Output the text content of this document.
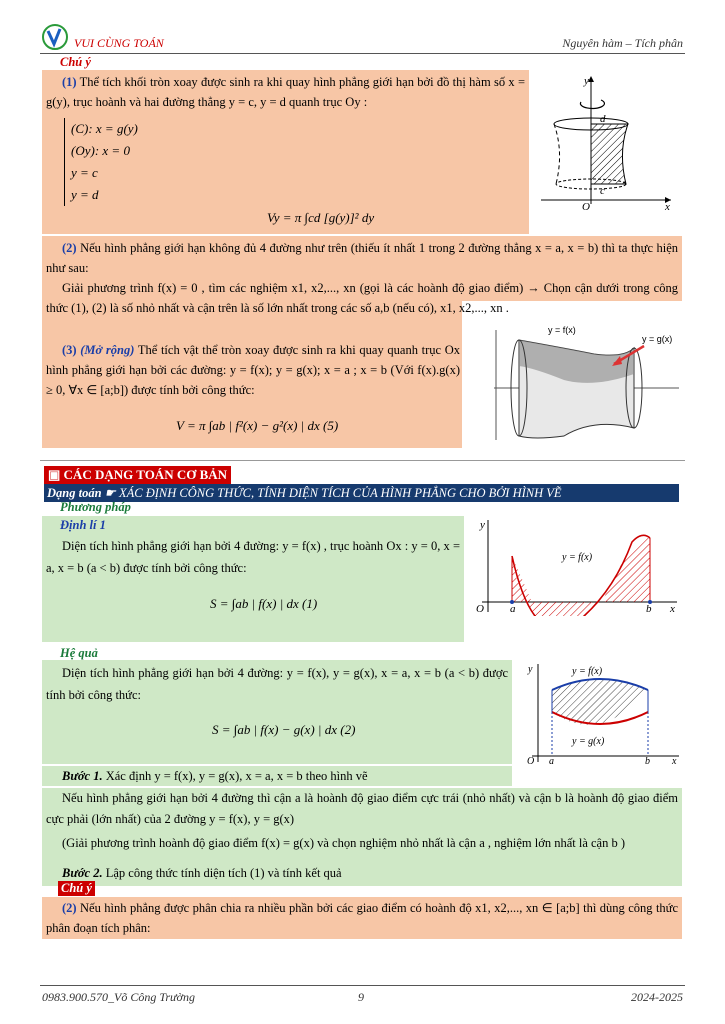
VUI CÙNG TOÁN	Nguyên hàm – Tích phân
Chú ý

(1) Thể tích khối tròn xoay được sinh ra khi quay hình phẳng giới hạn bởi đồ thị hàm số x = g(y), trục hoành và hai đường thẳng y = c, y = d quanh trục Oy :

(C): x = g(y)
(Oy): x = 0
y = c
y = d
Vy = π ∫cd [g(y)]² dy
y
x
O
d
c

(2) Nếu hình phẳng giới hạn không đủ 4 đường như trên (thiếu ít nhất 1 trong 2 đường thẳng x = a, x = b) thì ta thực hiện như sau:

Giải phương trình f(x) = 0 , tìm các nghiệm x1, x2,..., xn (gọi là các hoành độ giao điểm) → Chọn cận dưới trong công thức (1), (2) là số nhỏ nhất và cận trên là số lớn nhất trong các số a,b (nếu có), x1, x2,..., xn .

(3) (Mở rộng) Thể tích vật thể tròn xoay được sinh ra khi quay quanh trục Ox hình phẳng giới hạn bởi các đường: y = f(x); y = g(x); x = a ; x = b (Với f(x).g(x) ≥ 0, ∀x ∈ [a;b]) được tính bởi công thức:

V = π ∫ab | f²(x) − g²(x) | dx (5)
y = f(x)
y = g(x)
▣ CÁC DẠNG TOÁN CƠ BẢN
Dạng toán ☛ XÁC ĐỊNH CÔNG THỨC, TÍNH DIỆN TÍCH CỦA HÌNH PHẲNG CHO BỞI HÌNH VẼ
Phương pháp
Định lí 1

Diện tích hình phẳng giới hạn bởi 4 đường: y = f(x) , trục hoành Ox : y = 0, x = a, x = b (a < b) được tính bởi công thức:

S = ∫ab | f(x) | dx (1)
y
x
O a	b
y = f(x)
Hệ quả

Diện tích hình phẳng giới hạn bởi 4 đường: y = f(x), y = g(x), x = a, x = b (a < b) được tính bởi công thức:

S = ∫ab | f(x) − g(x) | dx (2)
y
x
O a	b
y = f(x)
y = g(x)

Bước 1. Xác định y = f(x), y = g(x), x = a, x = b theo hình vẽ

Nếu hình phẳng giới hạn bởi 4 đường thì cận a là hoành độ giao điểm cực trái (nhỏ nhất) và cận b là hoành độ giao điểm cực phải (lớn nhất) của 2 đường y = f(x), y = g(x)

(Giải phương trình hoành độ giao điểm f(x) = g(x) và chọn nghiệm nhỏ nhất là cận a , nghiệm lớn nhất là cận b )

Bước 2. Lập công thức tính diện tích (1) và tính kết quả

Chú ý

(2) Nếu hình phẳng được phân chia ra nhiều phần bởi các giao điểm có hoành độ x1, x2,..., xn ∈ [a;b] thì dùng công thức phân đoạn tích phân:

0983.900.570_Võ Công Trường	9	2024-2025
